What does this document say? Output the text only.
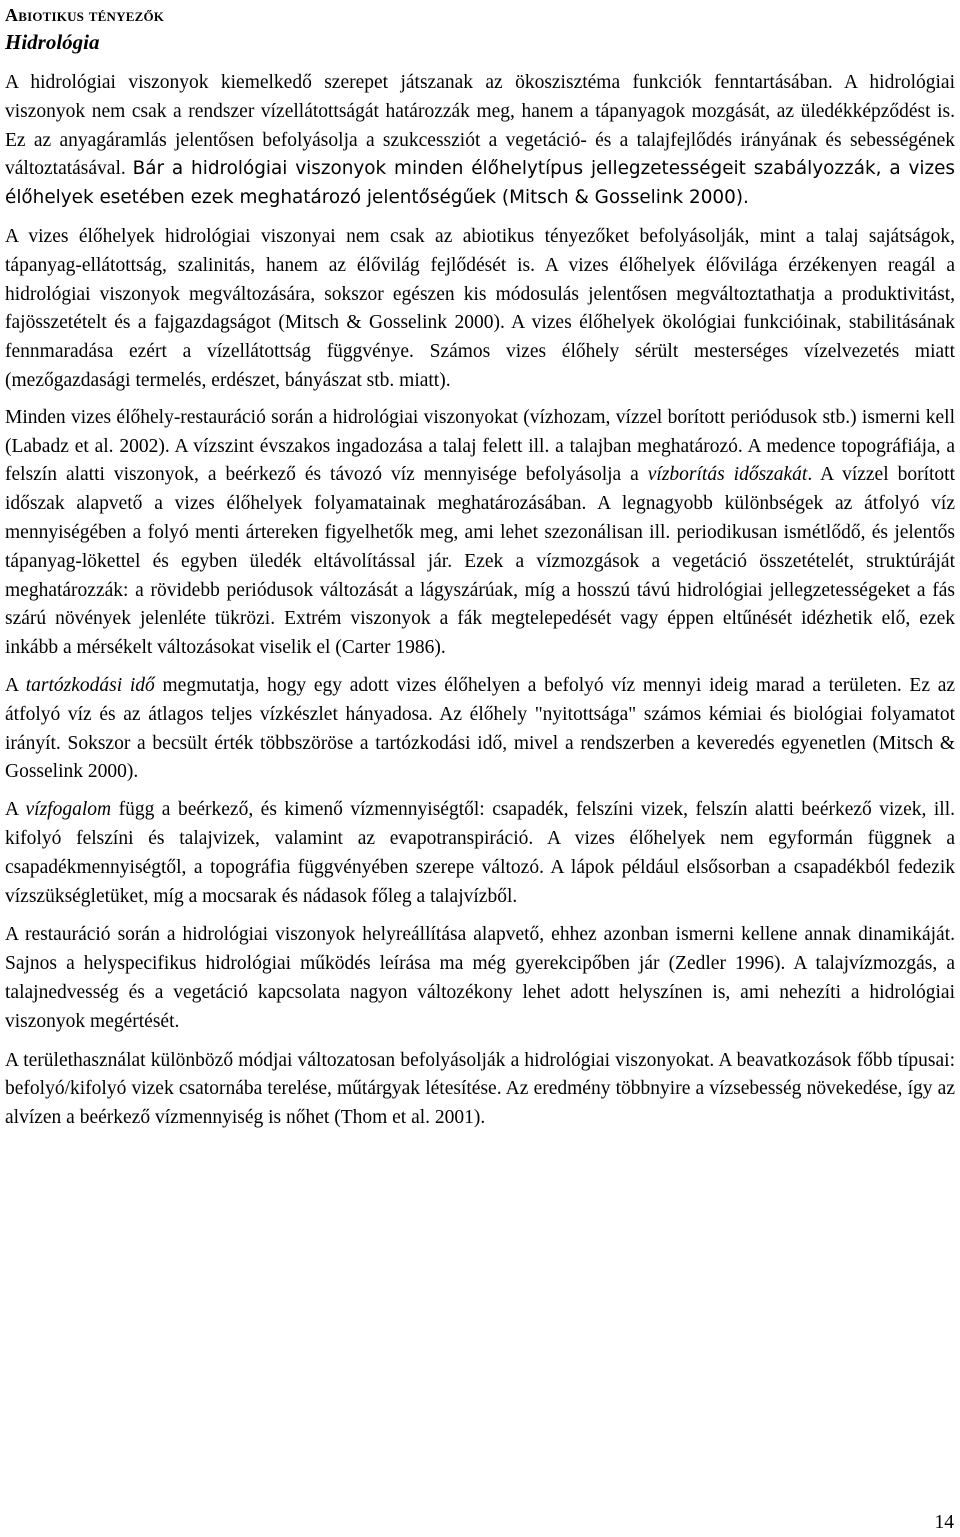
Abiotikus tényezők
Hidrológia

A hidrológiai viszonyok kiemelkedő szerepet játszanak az ökoszisztéma funkciók fenntartásában. A hidrológiai viszonyok nem csak a rendszer vízellátottságát határozzák meg, hanem a tápanyagok mozgását, az üledékképződést is. Ez az anyagáramlás jelentősen befolyásolja a szukcessziót a vegetáció- és a talajfejlődés irányának és sebességének változtatásával. Bár a hidrológiai viszonyok minden élőhelytípus jellegzetességeit szabályozzák, a vizes élőhelyek esetében ezek meghatározó jelentőségűek (Mitsch & Gosselink 2000).

A vizes élőhelyek hidrológiai viszonyai nem csak az abiotikus tényezőket befolyásolják, mint a talaj sajátságok, tápanyag-ellátottság, szalinitás, hanem az élővilág fejlődését is. A vizes élőhelyek élővilága érzékenyen reagál a hidrológiai viszonyok megváltozására, sokszor egészen kis módosulás jelentősen megváltoztathatja a produktivitást, fajösszetételt és a fajgazdagságot (Mitsch & Gosselink 2000). A vizes élőhelyek ökológiai funkcióinak, stabilitásának fennmaradása ezért a vízellátottság függvénye. Számos vizes élőhely sérült mesterséges vízelvezetés miatt (mezőgazdasági termelés, erdészet, bányászat stb. miatt).

Minden vizes élőhely-restauráció során a hidrológiai viszonyokat (vízhozam, vízzel borított periódusok stb.) ismerni kell (Labadz et al. 2002). A vízszint évszakos ingadozása a talaj felett ill. a talajban meghatározó. A medence topográfiája, a felszín alatti viszonyok, a beérkező és távozó víz mennyisége befolyásolja a vízborítás időszakát. A vízzel borított időszak alapvető a vizes élőhelyek folyamatainak meghatározásában. A legnagyobb különbségek az átfolyó víz mennyiségében a folyó menti ártereken figyelhetők meg, ami lehet szezonálisan ill. periodikusan ismétlődő, és jelentős tápanyag-lökettel és egyben üledék eltávolítással jár. Ezek a vízmozgások a vegetáció összetételét, struktúráját meghatározzák: a rövidebb periódusok változását a lágyszárúak, míg a hosszú távú hidrológiai jellegzetességeket a fás szárú növények jelenléte tükrözi. Extrém viszonyok a fák megtelepedését vagy éppen eltűnését idézhetik elő, ezek inkább a mérsékelt változásokat viselik el (Carter 1986).

A tartózkodási idő megmutatja, hogy egy adott vizes élőhelyen a befolyó víz mennyi ideig marad a területen. Ez az átfolyó víz és az átlagos teljes vízkészlet hányadosa. Az élőhely "nyitottsága" számos kémiai és biológiai folyamatot irányít. Sokszor a becsült érték többszöröse a tartózkodási idő, mivel a rendszerben a keveredés egyenetlen (Mitsch & Gosselink 2000).

A vízfogalom függ a beérkező, és kimenő vízmennyiségtől: csapadék, felszíni vizek, felszín alatti beérkező vizek, ill. kifolyó felszíni és talajvizek, valamint az evapotranspiráció. A vizes élőhelyek nem egyformán függnek a csapadékmennyiségtől, a topográfia függvényében szerepe változó. A lápok például elsősorban a csapadékból fedezik vízszükségletüket, míg a mocsarak és nádasok főleg a talajvízből.

A restauráció során a hidrológiai viszonyok helyreállítása alapvető, ehhez azonban ismerni kellene annak dinamikáját. Sajnos a helyspecifikus hidrológiai működés leírása ma még gyerekcipőben jár (Zedler 1996). A talajvízmozgás, a talajnedvesség és a vegetáció kapcsolata nagyon változékony lehet adott helyszínen is, ami nehezíti a hidrológiai viszonyok megértését.

A területhasználat különböző módjai változatosan befolyásolják a hidrológiai viszonyokat. A beavatkozások főbb típusai: befolyó/kifolyó vizek csatornába terelése, műtárgyak létesítése. Az eredmény többnyire a vízsebesség növekedése, így az alvízen a beérkező vízmennyiség is nőhet (Thom et al. 2001).

14
